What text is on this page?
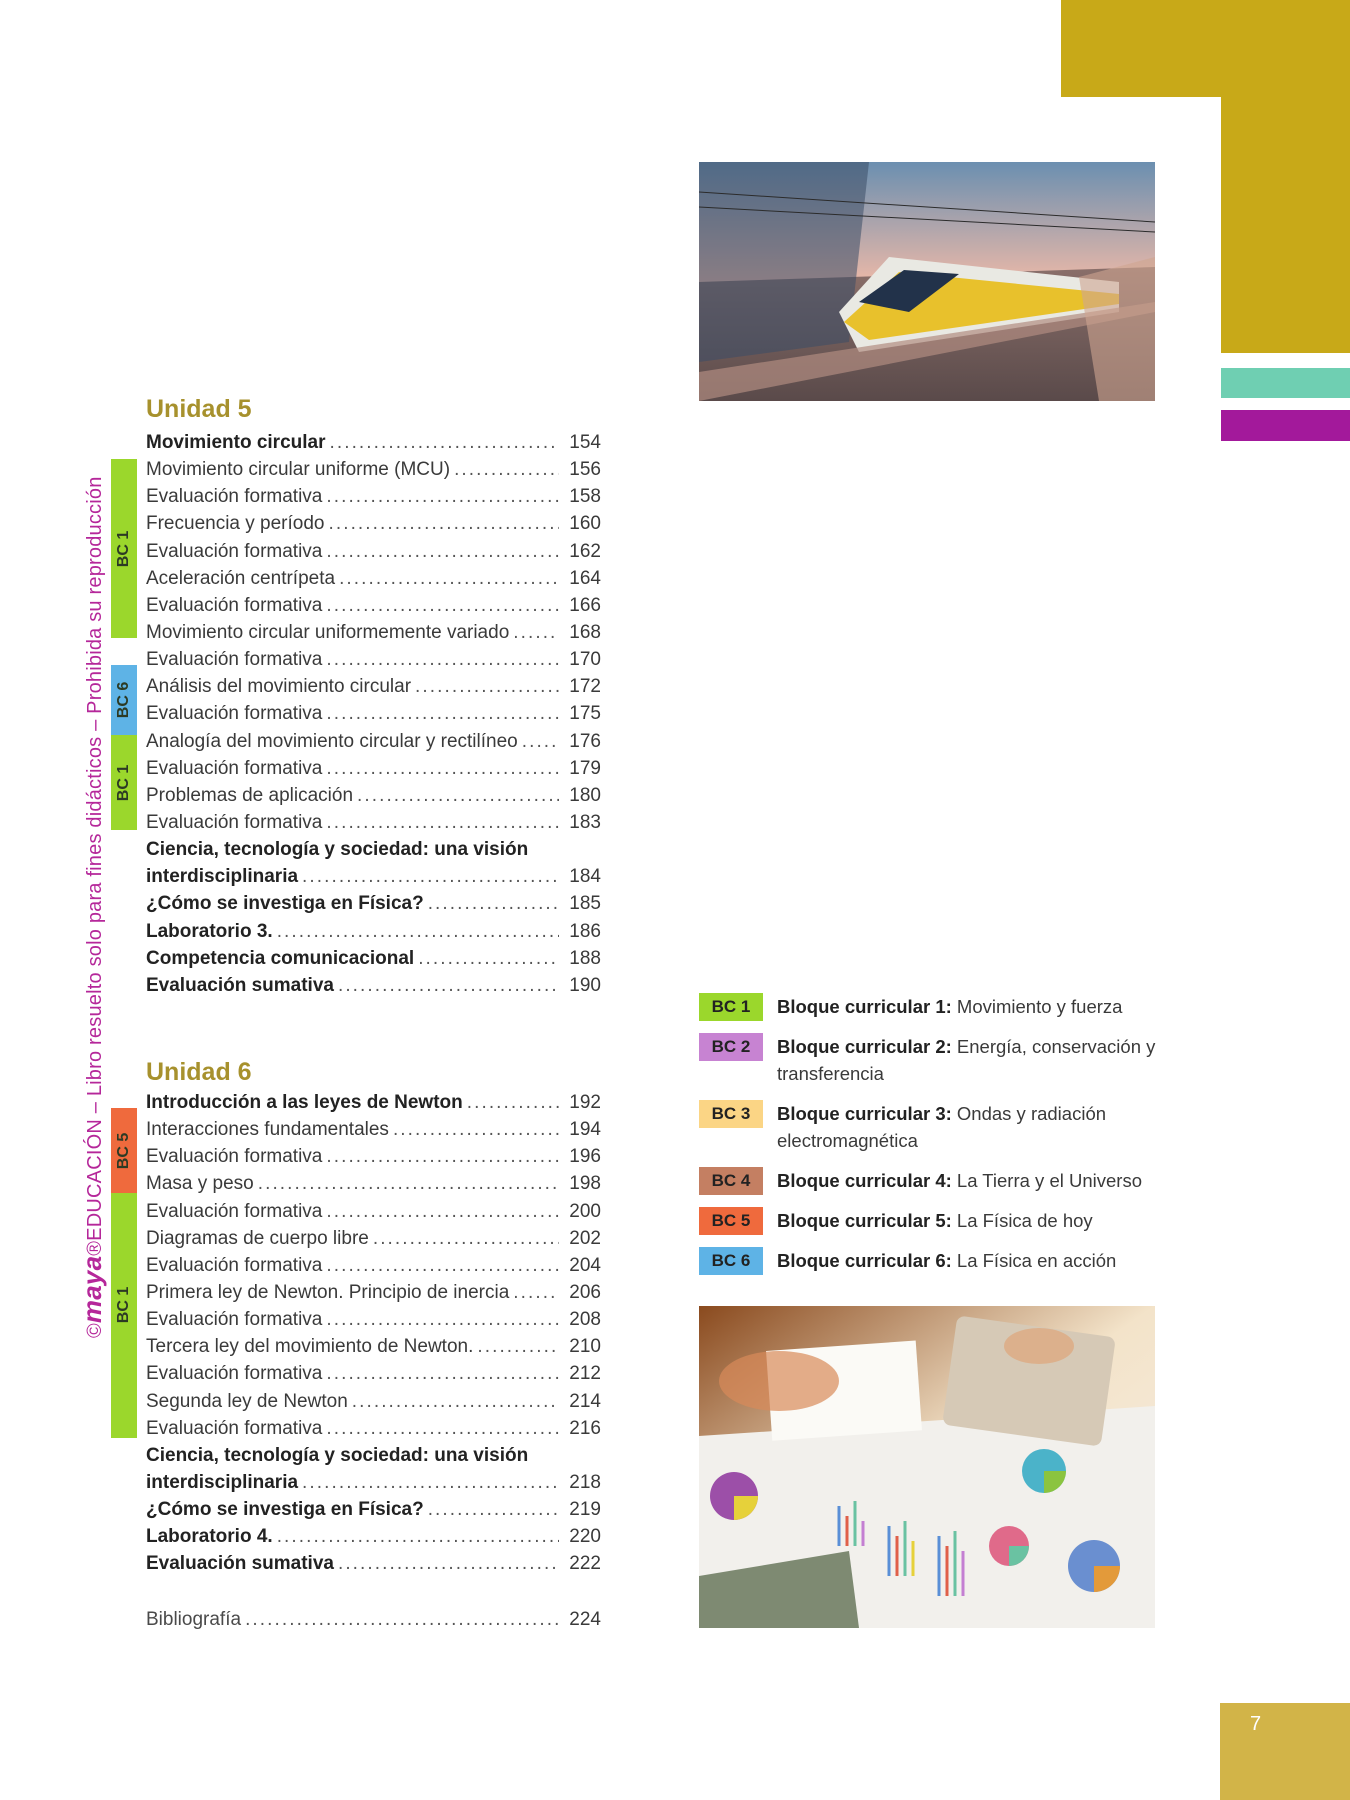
©maya®EDUCACIÓN – Libro resuelto solo para fines didácticos – Prohibida su reproducción BC 1
BC 6
BC 1
BC 5
BC 1
Unidad 5
Movimiento circular . . .	154
Movimiento circular uniforme (MCU) . . .	156
Evaluación formativa . . .	158
Frecuencia y período . . .	160
Evaluación formativa . . .	162
Aceleración centrípeta . . .	164
Evaluación formativa . . .	166
Movimiento circular uniformemente variado . . .	168
Evaluación formativa . . .	170
Análisis del movimiento circular . . .	172
Evaluación formativa . . .	175
Analogía del movimiento circular y rectilíneo . . .	176
Evaluación formativa . . .	179
Problemas de aplicación . . .	180
Evaluación formativa . . .	183
Ciencia, tecnología y sociedad: una visión
interdisciplinaria . . .	184
¿Cómo se investiga en Física? . . .	185
Laboratorio 3. . . .	186
Competencia comunicacional . . .	188
Evaluación sumativa . . .	190
Unidad 6
Introducción a las leyes de Newton . . .	192
Interacciones fundamentales . . .	194
Evaluación formativa . . .	196
Masa y peso . . .	198
Evaluación formativa . . .	200
Diagramas de cuerpo libre . . .	202
Evaluación formativa . . .	204
Primera ley de Newton. Principio de inercia . . .	206
Evaluación formativa . . .	208
Tercera ley del movimiento de Newton. . . .	210
Evaluación formativa . . .	212
Segunda ley de Newton . . .	214
Evaluación formativa . . .	216
Ciencia, tecnología y sociedad: una visión
interdisciplinaria . . .	218
¿Cómo se investiga en Física? . . .	219
Laboratorio 4. . . .	220
Evaluación sumativa . . .	222
Bibliografía . . .	224
BC 1	Bloque curricular 1: Movimiento y fuerza
BC 2	Bloque curricular 2: Energía, conservación y transferencia
BC 3	Bloque curricular 3: Ondas y radiación electromagnética
BC 4	Bloque curricular 4: La Tierra y el Universo
BC 5	Bloque curricular 5: La Física de hoy
BC 6	Bloque curricular 6: La Física en acción
7
